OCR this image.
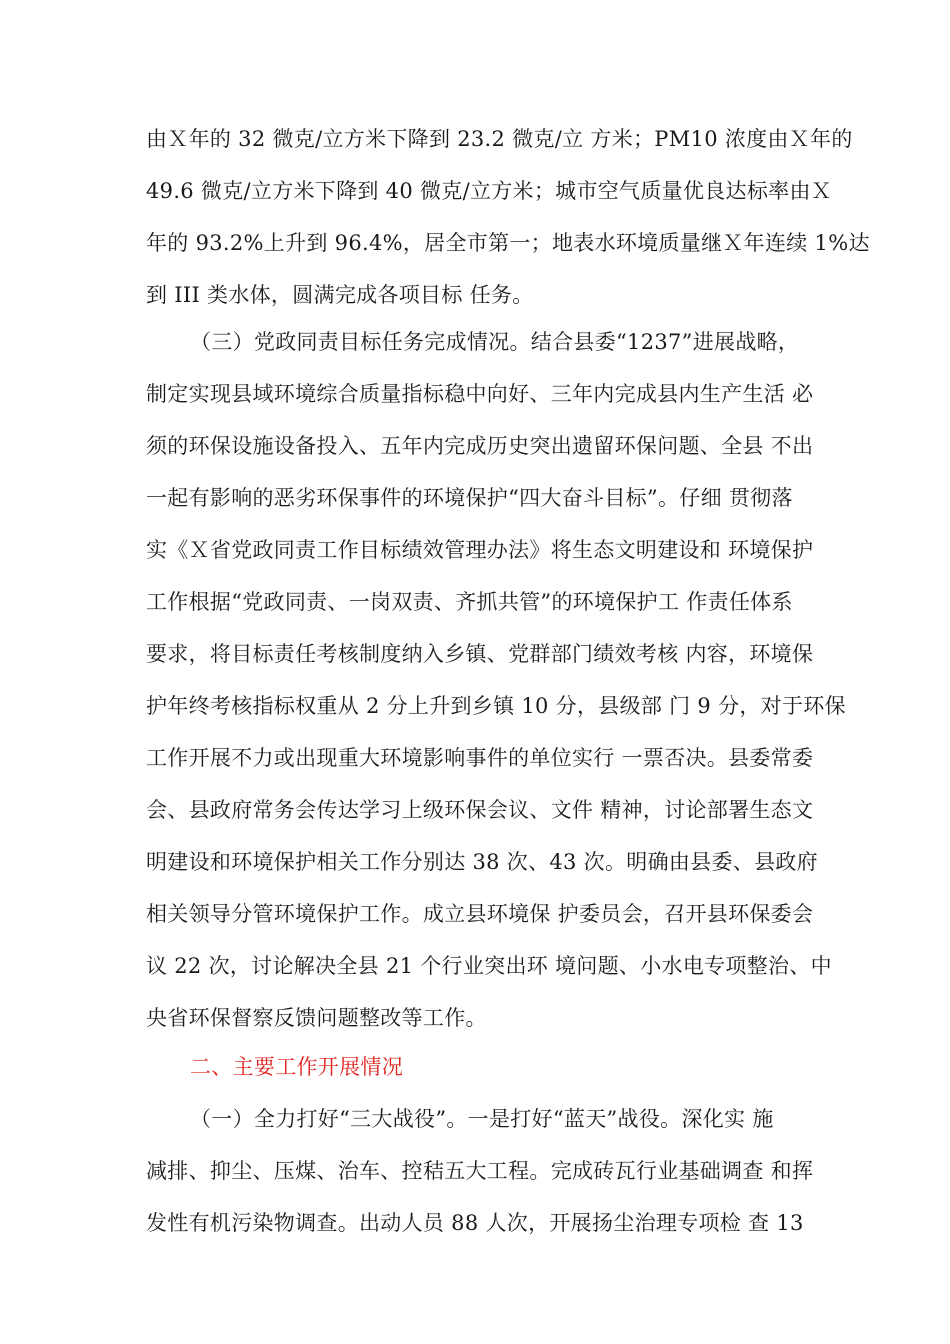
由Ｘ年的 32 微克/立方米下降到 23.2 微克/立 方米；PM10 浓度由Ｘ年的
49.6 微克/立方米下降到 40 微克/立方米；城市空气质量优良达标率由Ｘ
年的 93.2%上升到 96.4%，居全市第一；地表水环境质量继Ｘ年连续 1%达
到 III 类水体，圆满完成各项目标 任务。
（三）党政同责目标任务完成情况。结合县委“1237”进展战略，
制定实现县域环境综合质量指标稳中向好、三年内完成县内生产生活 必
须的环保设施设备投入、五年内完成历史突出遗留环保问题、全县 不出
一起有影响的恶劣环保事件的环境保护“四大奋斗目标”。仔细 贯彻落
实《Ｘ省党政同责工作目标绩效管理办法》将生态文明建设和 环境保护
工作根据“党政同责、一岗双责、齐抓共管”的环境保护工 作责任体系
要求，将目标责任考核制度纳入乡镇、党群部门绩效考核 内容，环境保
护年终考核指标权重从 2 分上升到乡镇 10 分，县级部 门 9 分，对于环保
工作开展不力或出现重大环境影响事件的单位实行 一票否决。县委常委
会、县政府常务会传达学习上级环保会议、文件 精神，讨论部署生态文
明建设和环境保护相关工作分别达 38 次、43 次。明确由县委、县政府
相关领导分管环境保护工作。成立县环境保 护委员会，召开县环保委会
议 22 次，讨论解决全县 21 个行业突出环 境问题、小水电专项整治、中
央省环保督察反馈问题整改等工作。
二、主要工作开展情况
（一）全力打好“三大战役”。一是打好“蓝天”战役。深化实 施
减排、抑尘、压煤、治车、控秸五大工程。完成砖瓦行业基础调查 和挥
发性有机污染物调查。出动人员 88 人次，开展扬尘治理专项检 查 13
